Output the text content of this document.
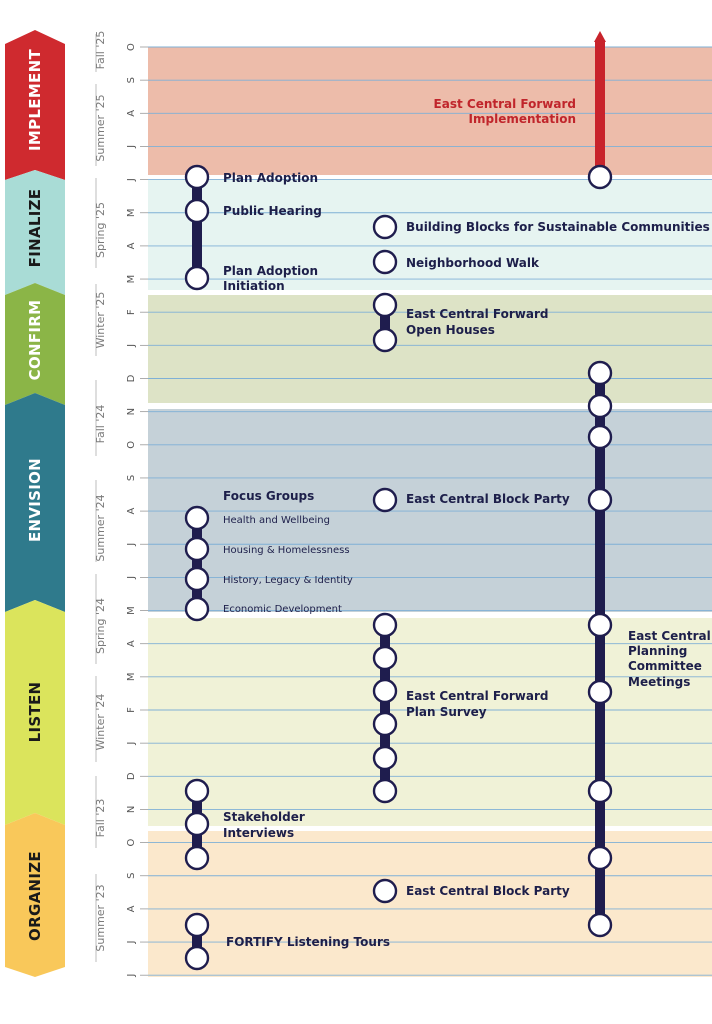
IMPLEMENT
FINALIZE
CONFIRM
ENVISION
LISTEN
ORGANIZE
Fall '25
Summer '25
Spring '25
Winter '25
Fall '24
Summer '24
Spring '24
Winter '24
Fall '23
Summer '23
O
S
A
J
J
M
A
M
F
J
D
N
O
S
A
J
J
M
A
M
F
J
D
N
O
S
A
J
J
East Central Forward
Implementation
Plan Adoption
Public Hearing
Plan Adoption
Initiation
Building Blocks for Sustainable Communities
Neighborhood Walk
East Central Forward
Open Houses
Focus Groups
Health and Wellbeing
Housing & Homelessness
History, Legacy & Identity
Economic Development
East Central Block Party
East Central Forward
Plan Survey
East Central
Planning
Committee
Meetings
Stakeholder
Interviews
East Central Block Party
FORTIFY Listening Tours
